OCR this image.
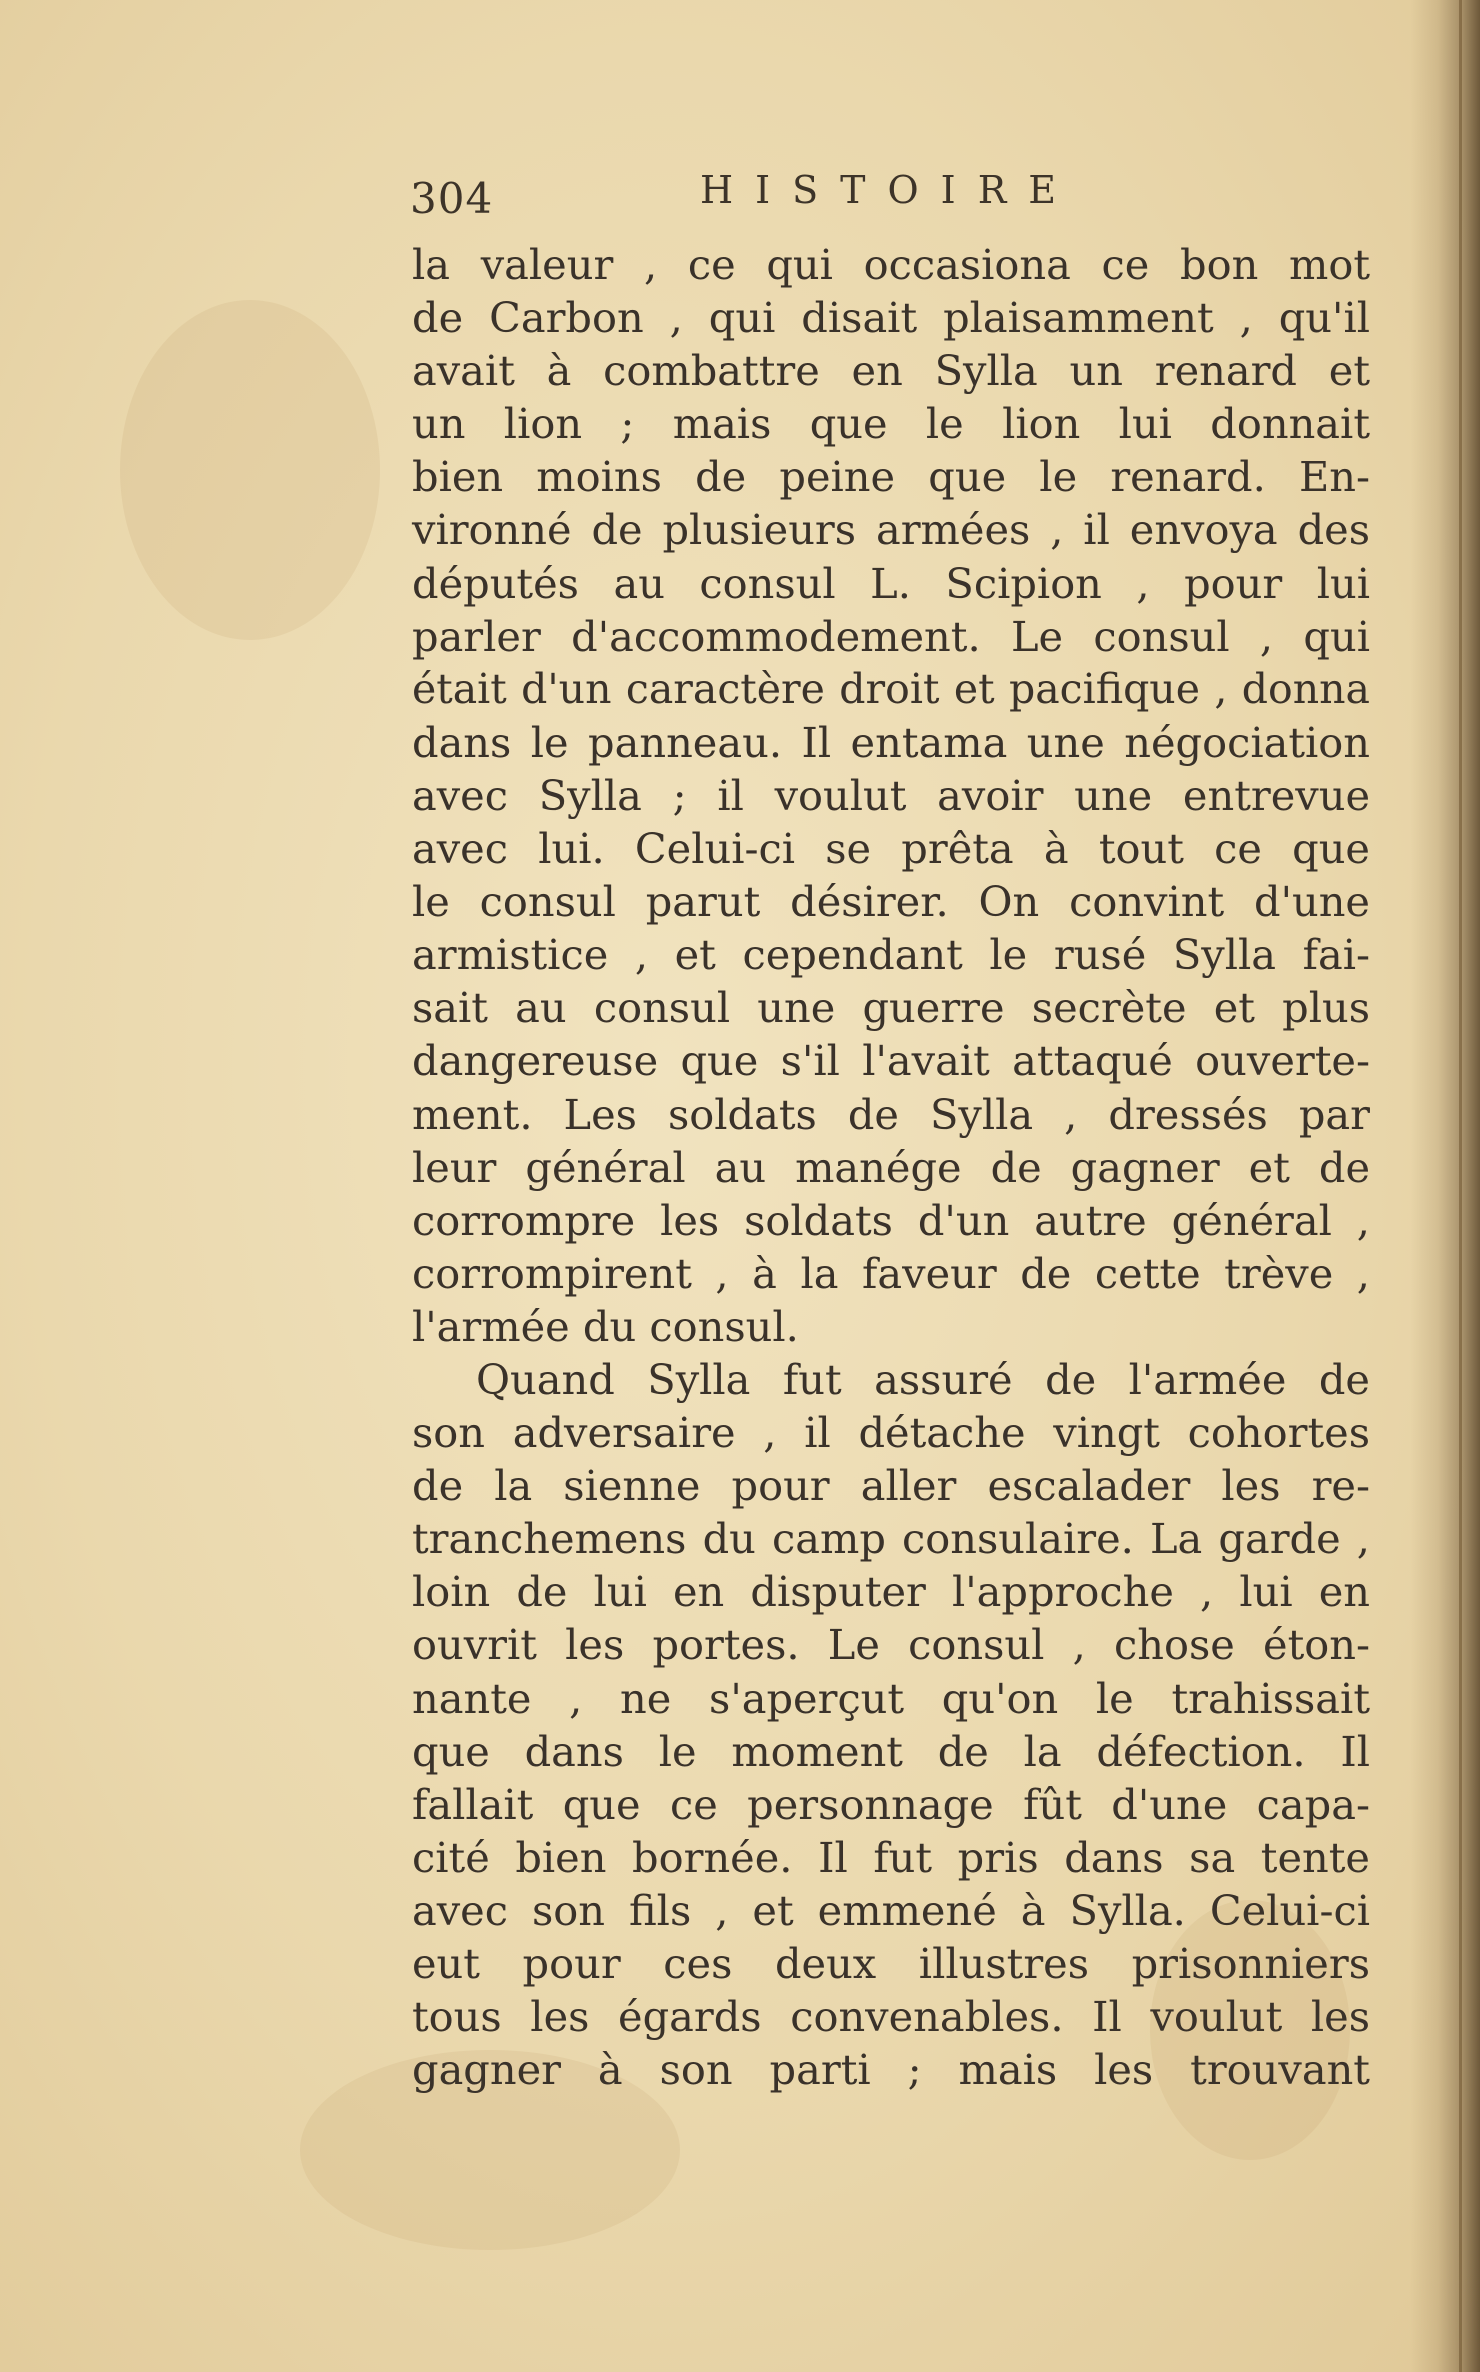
304	HISTOIRE
la valeur , ce qui occasiona ce bon mot
de Carbon , qui disait plaisamment , qu'il
avait à combattre en Sylla un renard et
un lion ; mais que le lion lui donnait
bien moins de peine que le renard. En-
vironné de plusieurs armées , il envoya des
députés au consul L. Scipion , pour lui
parler d'accommodement. Le consul , qui
était d'un caractère droit et pacifique , donna
dans le panneau. Il entama une négociation
avec Sylla ; il voulut avoir une entrevue
avec lui. Celui-ci se prêta à tout ce que
le consul parut désirer. On convint d'une
armistice , et cependant le rusé Sylla fai-
sait au consul une guerre secrète et plus
dangereuse que s'il l'avait attaqué ouverte-
ment. Les soldats de Sylla , dressés par
leur général au manége de gagner et de
corrompre les soldats d'un autre général ,
corrompirent , à la faveur de cette trève ,
l'armée du consul.
Quand Sylla fut assuré de l'armée de
son adversaire , il détache vingt cohortes
de la sienne pour aller escalader les re-
tranchemens du camp consulaire. La garde ,
loin de lui en disputer l'approche , lui en
ouvrit les portes. Le consul , chose éton-
nante , ne s'aperçut qu'on le trahissait
que dans le moment de la défection. Il
fallait que ce personnage fût d'une capa-
cité bien bornée. Il fut pris dans sa tente
avec son fils , et emmené à Sylla. Celui-ci
eut pour ces deux illustres prisonniers
tous les égards convenables. Il voulut les
gagner à son parti ; mais les trouvant
